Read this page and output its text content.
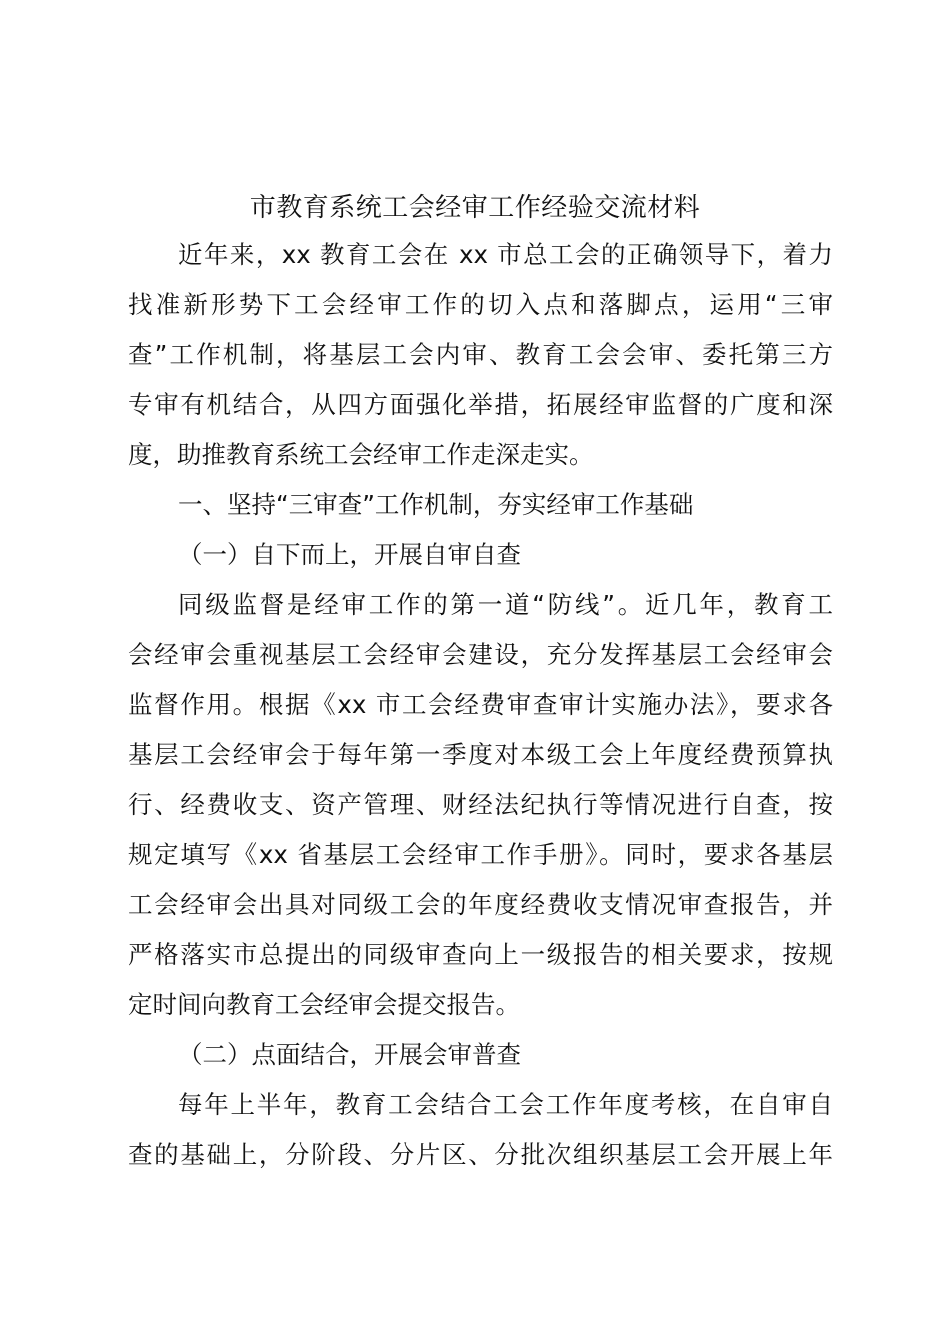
市教育系统工会经审工作经验交流材料
近年来，xx 教育工会在 xx 市总工会的正确领导下，着力
找准新形势下工会经审工作的切入点和落脚点，运用“三审
查”工作机制，将基层工会内审、教育工会会审、委托第三方
专审有机结合，从四方面强化举措，拓展经审监督的广度和深
度，助推教育系统工会经审工作走深走实。
一、坚持“三审查”工作机制，夯实经审工作基础
（一）自下而上，开展自审自查
同级监督是经审工作的第一道“防线”。近几年，教育工
会经审会重视基层工会经审会建设，充分发挥基层工会经审会
监督作用。根据《xx 市工会经费审查审计实施办法》，要求各
基层工会经审会于每年第一季度对本级工会上年度经费预算执
行、经费收支、资产管理、财经法纪执行等情况进行自查，按
规定填写《xx 省基层工会经审工作手册》。同时，要求各基层
工会经审会出具对同级工会的年度经费收支情况审查报告，并
严格落实市总提出的同级审查向上一级报告的相关要求，按规
定时间向教育工会经审会提交报告。
（二）点面结合，开展会审普查
每年上半年，教育工会结合工会工作年度考核，在自审自
查的基础上，分阶段、分片区、分批次组织基层工会开展上年
